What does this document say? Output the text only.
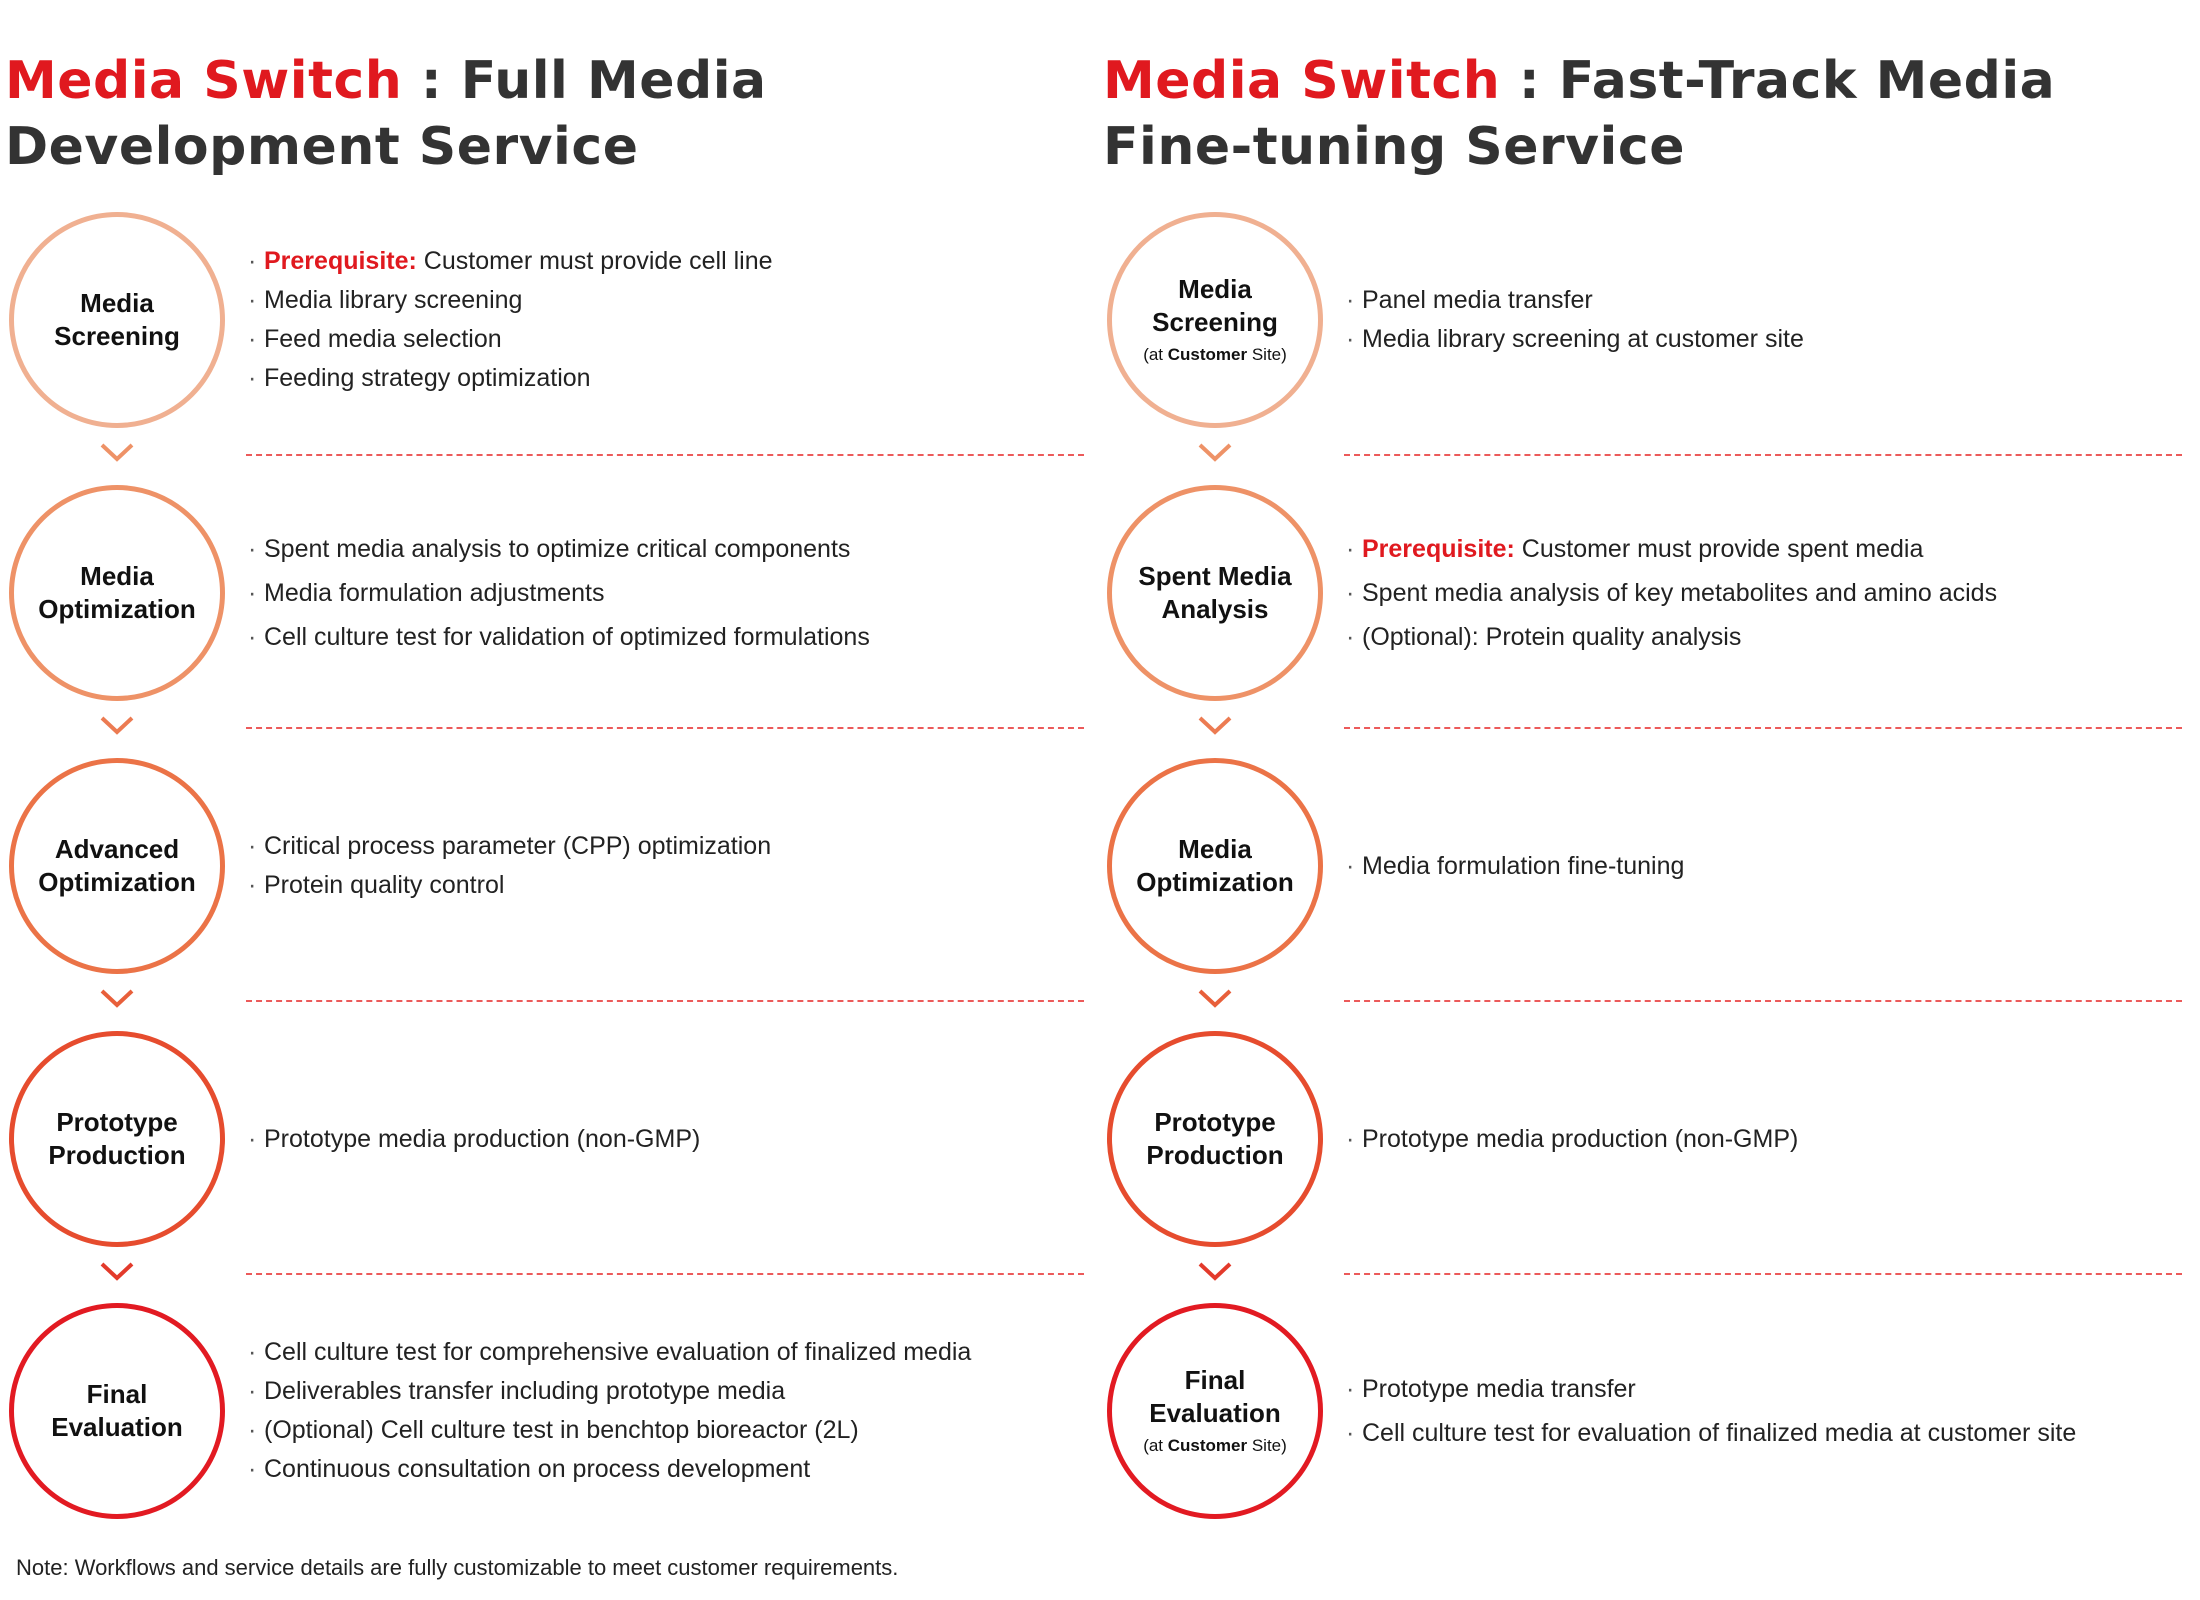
Media Switch : Full Media
Development Service
Media
Screening
· Prerequisite: Customer must provide cell line
· Media library screening
· Feed media selection
· Feeding strategy optimization
Media
Optimization
· Spent media analysis to optimize critical components
· Media formulation adjustments
· Cell culture test for validation of optimized formulations
Advanced
Optimization
· Critical process parameter (CPP) optimization
· Protein quality control
Prototype
Production
· Prototype media production (non-GMP)
Final
Evaluation
· Cell culture test for comprehensive evaluation of finalized media
· Deliverables transfer including prototype media
· (Optional) Cell culture test in benchtop bioreactor (2L)
· Continuous consultation on process development
Media Switch : Fast-Track Media
Fine-tuning Service
Media
Screening
(at Customer Site)
· Panel media transfer
· Media library screening at customer site
Spent Media
Analysis
· Prerequisite: Customer must provide spent media
· Spent media analysis of key metabolites and amino acids
· (Optional): Protein quality analysis
Media
Optimization
· Media formulation fine-tuning
Prototype
Production
· Prototype media production (non-GMP)
Final
Evaluation
(at Customer Site)
· Prototype media transfer
· Cell culture test for evaluation of finalized media at customer site

Note: Workflows and service details are fully customizable to meet customer requirements.
